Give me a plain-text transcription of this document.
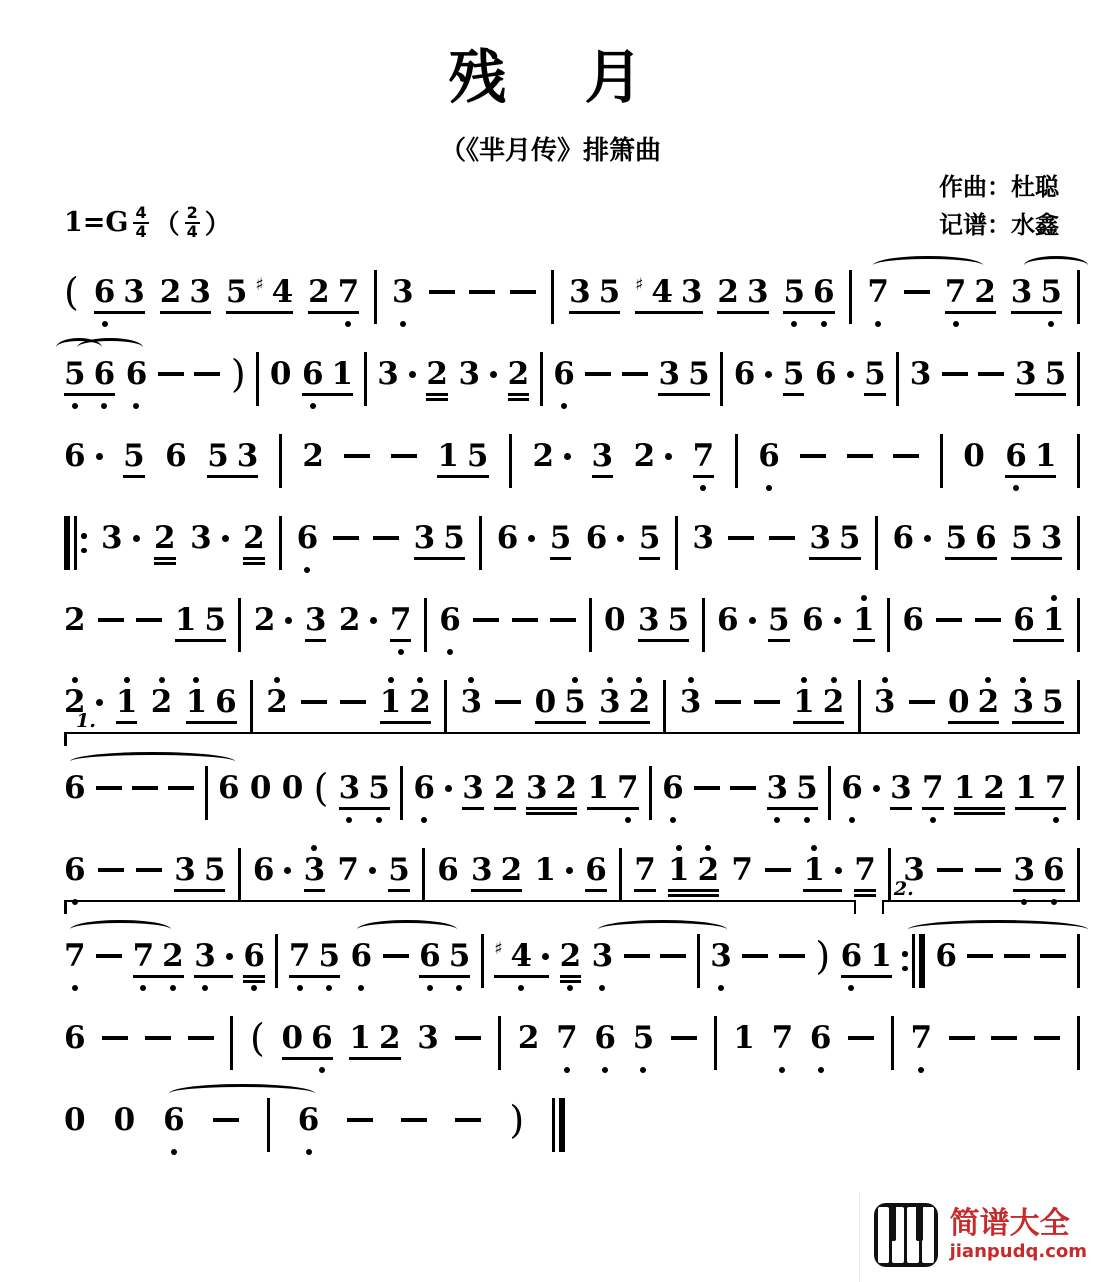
残　月
（《芈月传》排箫曲
作曲：杜聪
记谱：水鑫
$1=G \frac{4}{4}$ （ $\frac{2}{4}$ ）
( 6 3 2 3 5 ♯ 4 2 7 3	3 5 ♯ 4 3 2 3 5 6 7 7 2 3 5
5 6 6 ) 0 6 1 3 2 3 2 6	3 5 6 5 6 5 3	3 5
6 5 6 5 3 2	1 5 2 3 2 7 6	0 6 1
3 2 3 2 6	3 5 6 5 6 5 3	3 5 6 5 6 5 3
2	1 5 2 3 2 7 6	0 3 5 6 5 6 1 6	6 1
2 1 2 1 6 2	1 2 3 0 5 3 2 3	1 2 3 0 2 3 5
1.
6	6 0 0 ( 3 5 6 3 2 3 2 1 7 6	3 5 6 3 7 1 2 1 7
6	3 5 6 3 7 5 6 3 2 1 6 7 1 2 7 1 7 3	3 6
2.
7 7 2 3 6 7 5 6 6 5 ♯ 4 2 3	3 ) 6 1 6
6	( 0 6 1 2 3	2 7 6 5	1 7 6	7
0 0 6	6	)
简谱大全
jianpudq.com
